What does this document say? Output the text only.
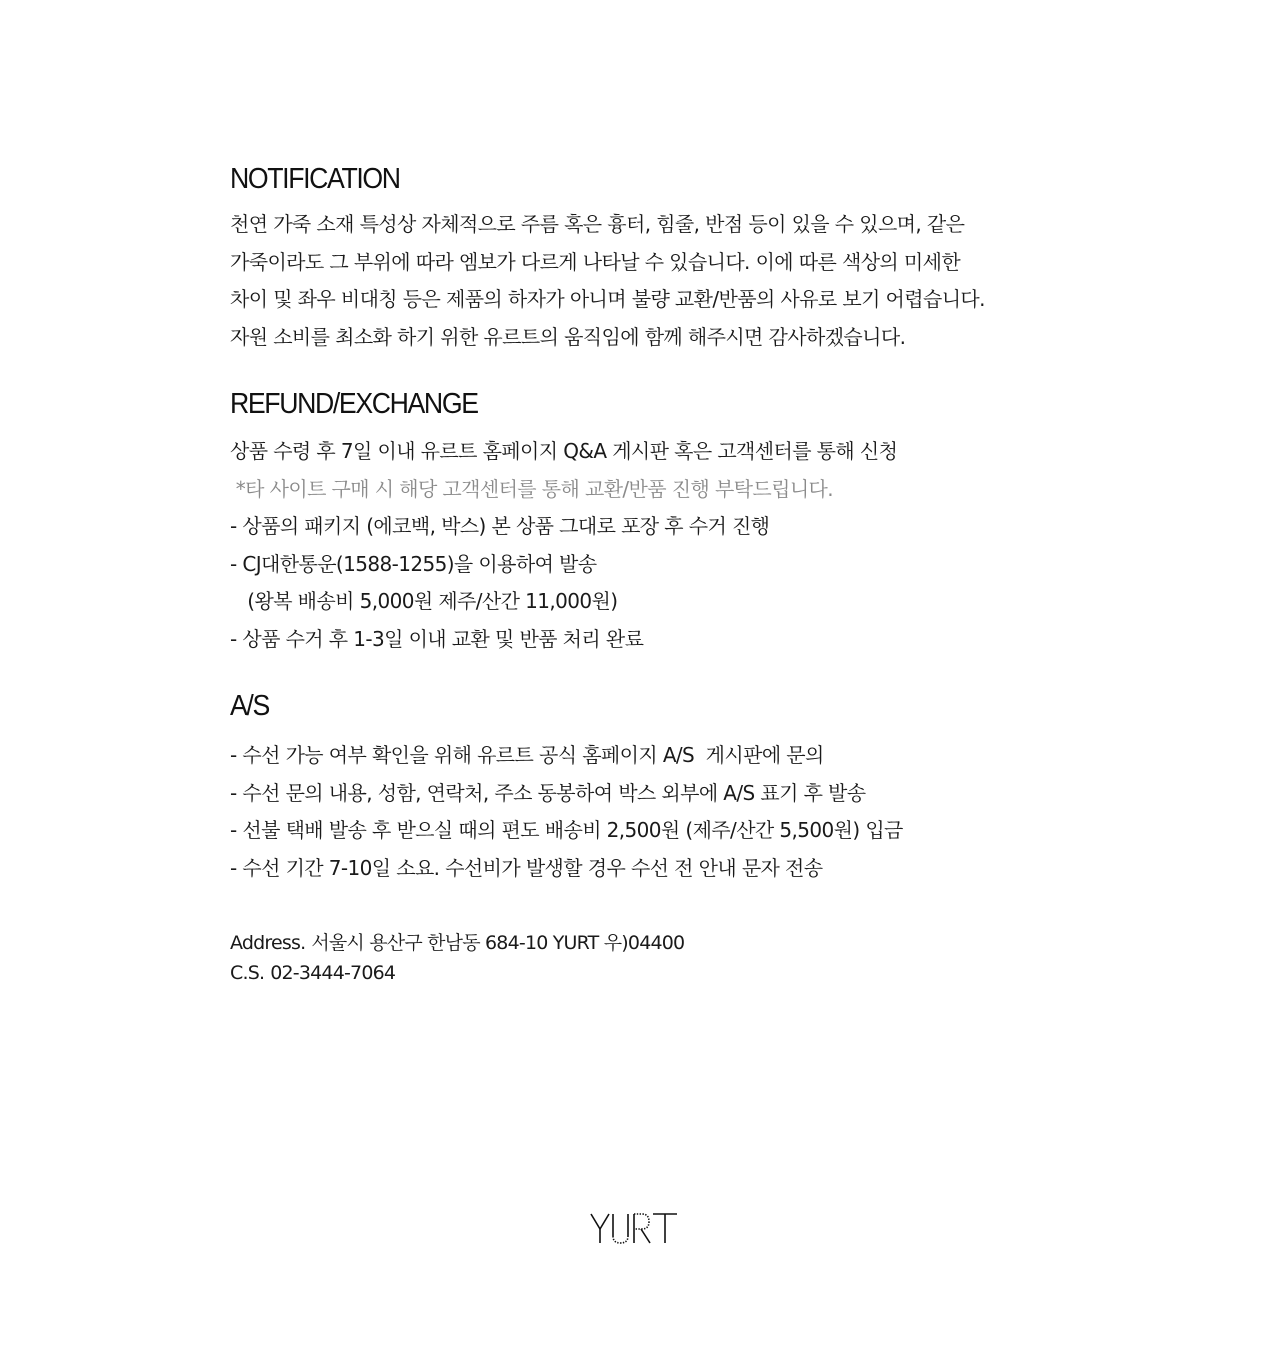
NOTIFICATION
천연 가죽 소재 특성상 자체적으로 주름 혹은 흉터, 힘줄, 반점 등이 있을 수 있으며, 같은
가죽이라도 그 부위에 따라 엠보가 다르게 나타날 수 있습니다. 이에 따른 색상의 미세한
차이 및 좌우 비대칭 등은 제품의 하자가 아니며 불량 교환/반품의 사유로 보기 어렵습니다.
자원 소비를 최소화 하기 위한 유르트의 움직임에 함께 해주시면 감사하겠습니다.
REFUND/EXCHANGE
상품 수령 후 7일 이내 유르트 홈페이지 Q&A 게시판 혹은 고객센터를 통해 신청
*타 사이트 구매 시 해당 고객센터를 통해 교환/반품 진행 부탁드립니다.
- 상품의 패키지 (에코백, 박스) 본 상품 그대로 포장 후 수거 진행
- CJ대한통운(1588-1255)을 이용하여 발송
(왕복 배송비 5,000원 제주/산간 11,000원)
- 상품 수거 후 1-3일 이내 교환 및 반품 처리 완료
A/S
- 수선 가능 여부 확인을 위해 유르트 공식 홈페이지 A/S  게시판에 문의
- 수선 문의 내용, 성함, 연락처, 주소 동봉하여 박스 외부에 A/S 표기 후 발송
- 선불 택배 발송 후 받으실 때의 편도 배송비 2,500원 (제주/산간 5,500원) 입금
- 수선 기간 7-10일 소요. 수선비가 발생할 경우 수선 전 안내 문자 전송
Address. 서울시 용산구 한남동 684-10 YURT 우)04400
C.S. 02-3444-7064
